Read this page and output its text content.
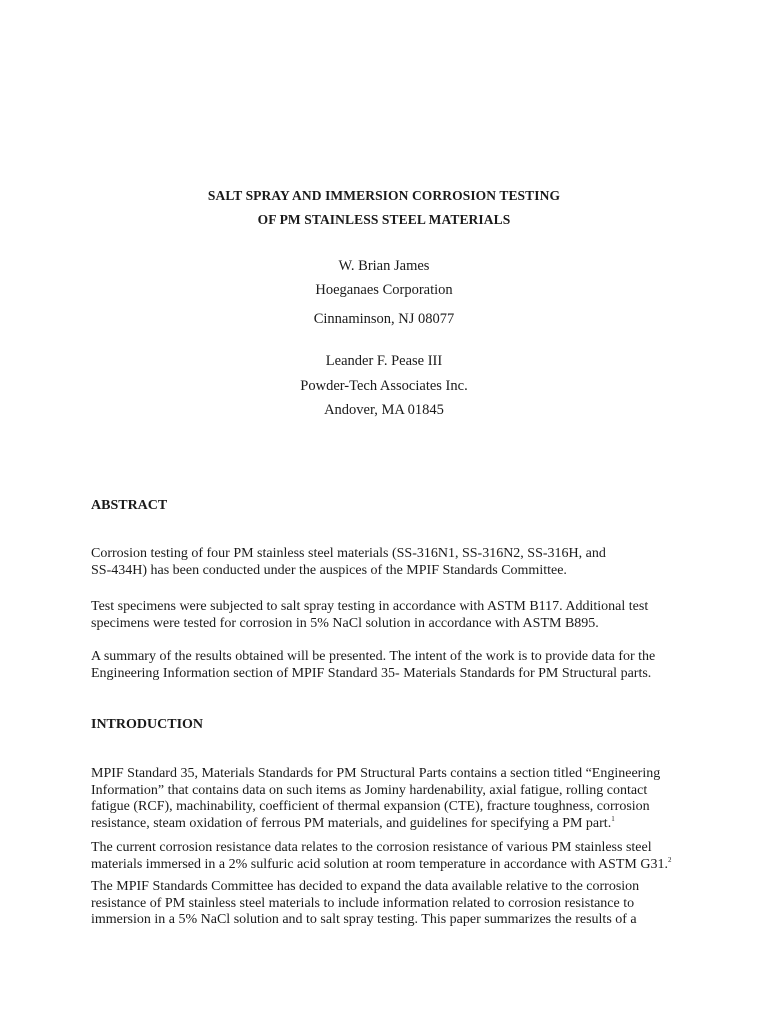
SALT SPRAY AND IMMERSION CORROSION TESTING
OF PM STAINLESS STEEL MATERIALS
W. Brian James
Hoeganaes Corporation
Cinnaminson, NJ 08077
Leander F. Pease III
Powder-Tech Associates Inc.
Andover, MA 01845
ABSTRACT
Corrosion testing of four PM stainless steel materials (SS-316N1, SS-316N2, SS-316H, and
SS-434H) has been conducted under the auspices of the MPIF Standards Committee.
Test specimens were subjected to salt spray testing in accordance with ASTM B117. Additional test
specimens were tested for corrosion in 5% NaCl solution in accordance with ASTM B895.
A summary of the results obtained will be presented. The intent of the work is to provide data for the
Engineering Information section of MPIF Standard 35- Materials Standards for PM Structural parts.
INTRODUCTION
MPIF Standard 35, Materials Standards for PM Structural Parts contains a section titled “Engineering
Information” that contains data on such items as Jominy hardenability, axial fatigue, rolling contact
fatigue (RCF), machinability, coefficient of thermal expansion (CTE), fracture toughness, corrosion
resistance, steam oxidation of ferrous PM materials, and guidelines for specifying a PM part.$^1$
The current corrosion resistance data relates to the corrosion resistance of various PM stainless steel
materials immersed in a 2% sulfuric acid solution at room temperature in accordance with ASTM G31.$^2$
The MPIF Standards Committee has decided to expand the data available relative to the corrosion
resistance of PM stainless steel materials to include information related to corrosion resistance to
immersion in a 5% NaCl solution and to salt spray testing. This paper summarizes the results of a
